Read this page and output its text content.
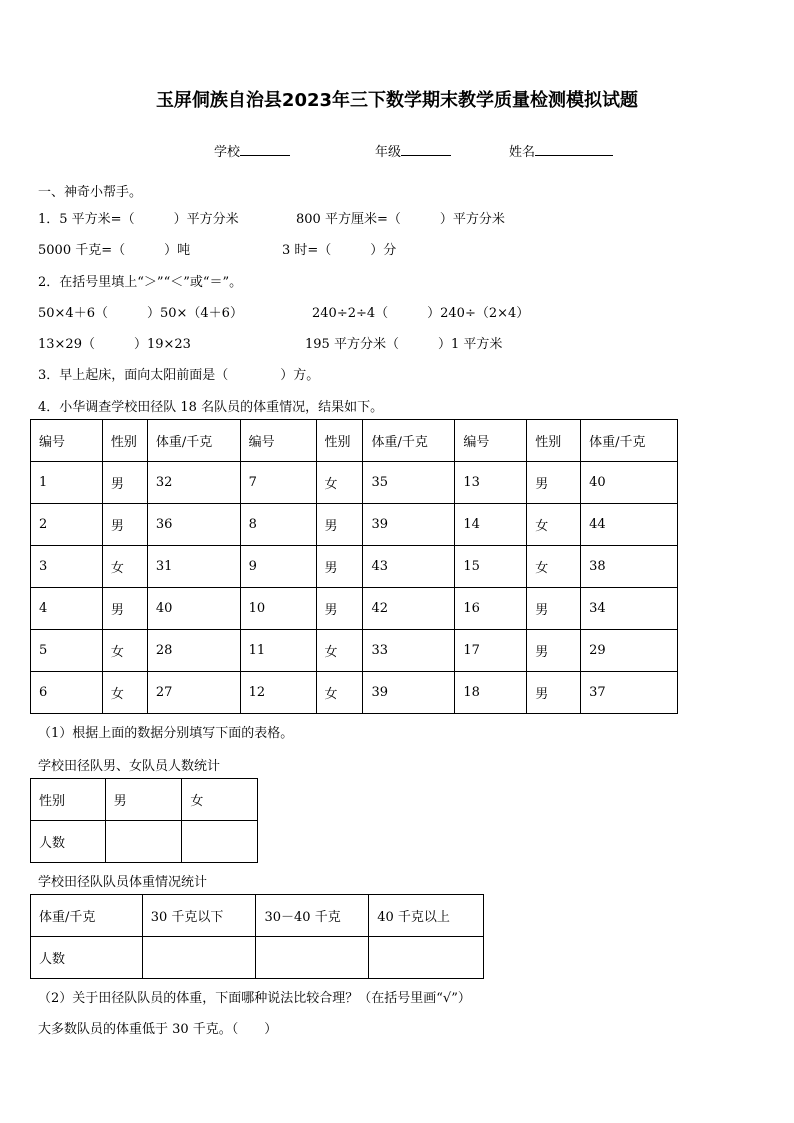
玉屏侗族自治县2023年三下数学期末教学质量检测模拟试题
学校	年级	姓名
一、神奇小帮手。
1．5 平方米=（　　　）平方分米	800 平方厘米=（　　　）平方分米
5000 千克=（　　　）吨	3 时=（　　　）分
2．在括号里填上“＞”“＜”或“＝”。
50×4＋6（　　　）50×（4＋6）	240÷2÷4（　　　）240÷（2×4）
13×29（　　　）19×23	195 平方分米（　　　）1 平方米
3．早上起床，面向太阳前面是（　　　　）方。
4．小华调查学校田径队 18 名队员的体重情况，结果如下。
编号	性别	体重/千克	编号	性别	体重/千克	编号	性别	体重/千克
1	男	32	7	女	35	13	男	40
2	男	36	8	男	39	14	女	44
3	女	31	9	男	43	15	女	38
4	男	40	10	男	42	16	男	34
5	女	28	11	女	33	17	男	29
6	女	27	12	女	39	18	男	37
（1）根据上面的数据分别填写下面的表格。
学校田径队男、女队员人数统计
性别	男	女
人数		
学校田径队队员体重情况统计
体重/千克	30 千克以下	30－40 千克	40 千克以上
人数			
（2）关于田径队队员的体重，下面哪种说法比较合理？（在括号里画“√”）
大多数队员的体重低于 30 千克。（　　）
